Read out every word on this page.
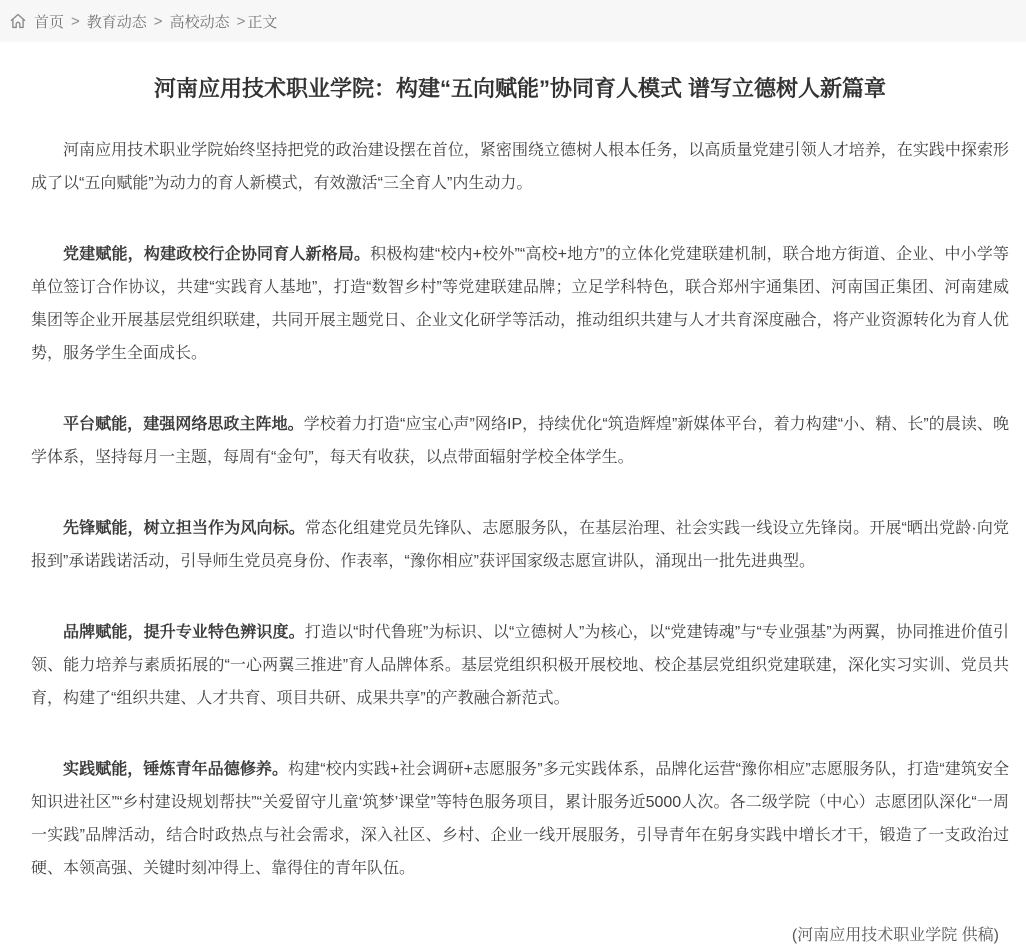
首页 > 教育动态 > 高校动态 > 正文
河南应用技术职业学院：构建“五向赋能”协同育人模式 谱写立德树人新篇章

河南应用技术职业学院始终坚持把党的政治建设摆在首位，紧密围绕立德树人根本任务，以高质量党建引领人才培养，在实践中探索形成了以“五向赋能”为动力的育人新模式，有效激活“三全育人”内生动力。

党建赋能，构建政校行企协同育人新格局。积极构建“校内+校外”“高校+地方”的立体化党建联建机制，联合地方街道、企业、中小学等单位签订合作协议，共建“实践育人基地”，打造“数智乡村”等党建联建品牌；立足学科特色，联合郑州宇通集团、河南国正集团、河南建威集团等企业开展基层党组织联建，共同开展主题党日、企业文化研学等活动，推动组织共建与人才共育深度融合，将产业资源转化为育人优势，服务学生全面成长。

平台赋能，建强网络思政主阵地。学校着力打造“应宝心声”网络IP，持续优化“筑造辉煌”新媒体平台，着力构建“小、精、长”的晨读、晚学体系，坚持每月一主题，每周有“金句”，每天有收获，以点带面辐射学校全体学生。

先锋赋能，树立担当作为风向标。常态化组建党员先锋队、志愿服务队，在基层治理、社会实践一线设立先锋岗。开展“晒出党龄·向党报到”承诺践诺活动，引导师生党员亮身份、作表率，“豫你相应”获评国家级志愿宣讲队，涌现出一批先进典型。

品牌赋能，提升专业特色辨识度。打造以“时代鲁班”为标识、以“立德树人”为核心，以“党建铸魂”与“专业强基”为两翼，协同推进价值引领、能力培养与素质拓展的“一心两翼三推进”育人品牌体系。基层党组织积极开展校地、校企基层党组织党建联建，深化实习实训、党员共育，构建了“组织共建、人才共育、项目共研、成果共享”的产教融合新范式。

实践赋能，锤炼青年品德修养。构建“校内实践+社会调研+志愿服务”多元实践体系，品牌化运营“豫你相应”志愿服务队，打造“建筑安全知识进社区”“乡村建设规划帮扶”“关爱留守儿童‘筑梦’课堂”等特色服务项目，累计服务近5000人次。各二级学院（中心）志愿团队深化“一周一实践”品牌活动，结合时政热点与社会需求，深入社区、乡村、企业一线开展服务，引导青年在躬身实践中增长才干，锻造了一支政治过硬、本领高强、关键时刻冲得上、靠得住的青年队伍。

(河南应用技术职业学院 供稿)
